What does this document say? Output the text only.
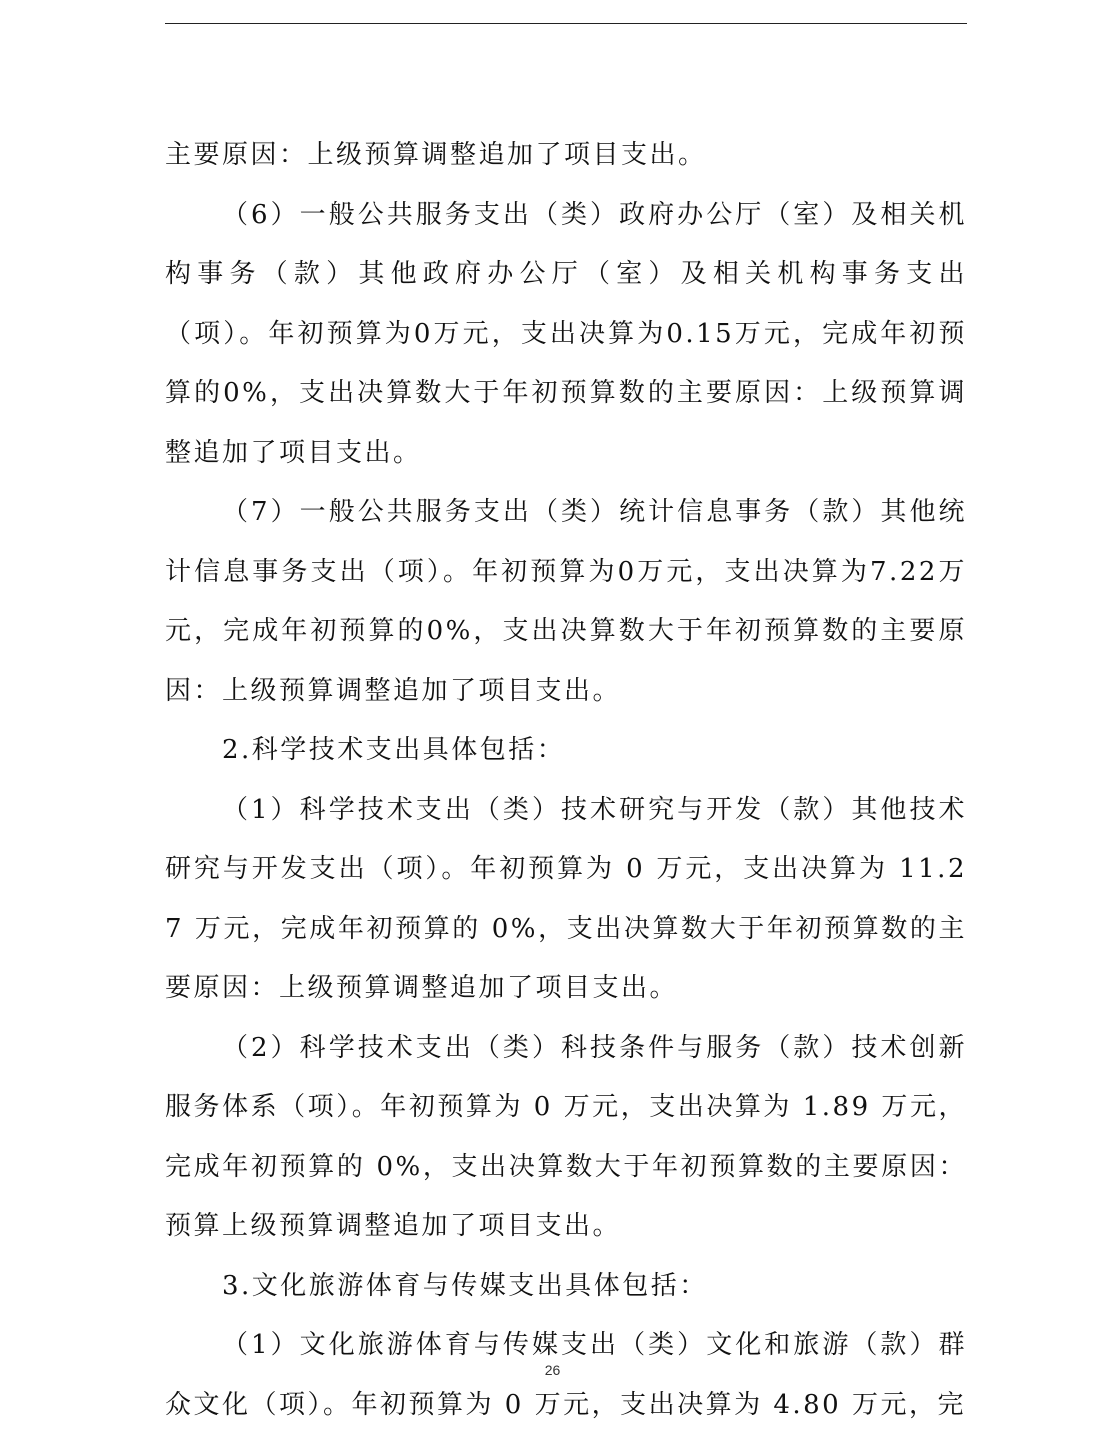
主要原因：上级预算调整追加了项目支出。

（6）一般公共服务支出（类）政府办公厅（室）及相关机构事务（款）其他政府办公厅（室）及相关机构事务支出（项）。年初预算为0万元，支出决算为0.15万元，完成年初预算的0%，支出决算数大于年初预算数的主要原因：上级预算调整追加了项目支出。

（7）一般公共服务支出（类）统计信息事务（款）其他统计信息事务支出（项）。年初预算为0万元，支出决算为7.22万元，完成年初预算的0%，支出决算数大于年初预算数的主要原因：上级预算调整追加了项目支出。

2.科学技术支出具体包括：

（1）科学技术支出（类）技术研究与开发（款）其他技术研究与开发支出（项）。年初预算为 0 万元，支出决算为 11.27 万元，完成年初预算的 0%，支出决算数大于年初预算数的主要原因：上级预算调整追加了项目支出。

（2）科学技术支出（类）科技条件与服务（款）技术创新服务体系（项）。年初预算为 0 万元，支出决算为 1.89 万元，完成年初预算的 0%，支出决算数大于年初预算数的主要原因：预算上级预算调整追加了项目支出。

3.文化旅游体育与传媒支出具体包括：

（1）文化旅游体育与传媒支出（类）文化和旅游（款）群众文化（项）。年初预算为 0 万元，支出决算为 4.80 万元，完

26
